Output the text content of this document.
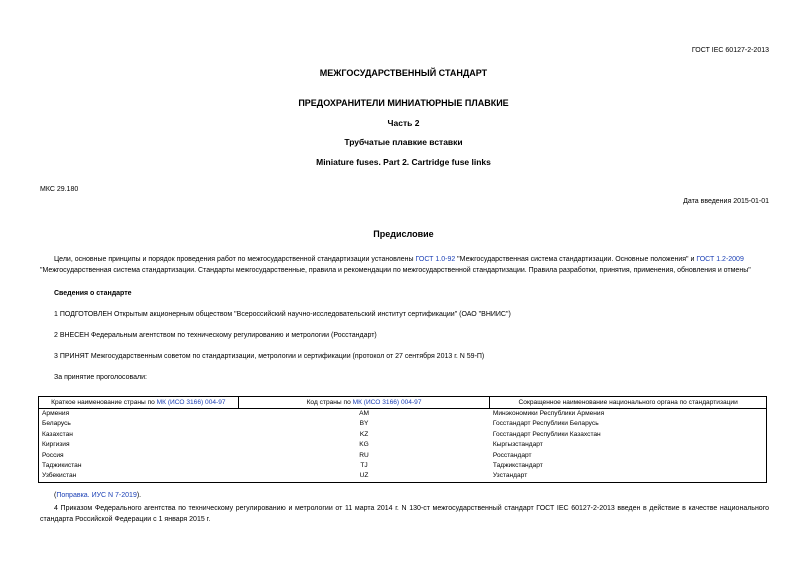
ГОСТ IEC 60127-2-2013
МЕЖГОСУДАРСТВЕННЫЙ СТАНДАРТ
ПРЕДОХРАНИТЕЛИ МИНИАТЮРНЫЕ ПЛАВКИЕ
Часть 2
Трубчатые плавкие вставки
Miniature fuses. Part 2. Cartridge fuse links
МКС 29.180
Дата введения 2015-01-01
Предисловие
Цели, основные принципы и порядок проведения работ по межгосударственной стандартизации установлены ГОСТ 1.0-92 "Межгосударственная система стандартизации. Основные положения" и ГОСТ 1.2-2009 "Межгосударственная система стандартизации. Стандарты межгосударственные, правила и рекомендации по межгосударственной стандартизации. Правила разработки, принятия, применения, обновления и отмены"
Сведения о стандарте
1 ПОДГОТОВЛЕН Открытым акционерным обществом "Всероссийский научно-исследовательский институт сертификации" (ОАО "ВНИИС")
2 ВНЕСЕН Федеральным агентством по техническому регулированию и метрологии (Росстандарт)
3 ПРИНЯТ Межгосударственным советом по стандартизации, метрологии и сертификации (протокол от 27 сентября 2013 г. N 59-П)
За принятие проголосовали:
Краткое наименование страны по МК (ИСО 3166) 004-97	Код страны по МК (ИСО 3166) 004-97	Сокращенное наименование национального органа по стандартизации
Армения	AM	Минэкономики Республики Армения
Беларусь	BY	Госстандарт Республики Беларусь
Казахстан	KZ	Госстандарт Республики Казахстан
Киргизия	KG	Кыргызстандарт
Россия	RU	Росстандарт
Таджикистан	TJ	Таджикстандарт
Узбекистан	UZ	Узстандарт
(Поправка. ИУС N 7-2019).
4 Приказом Федерального агентства по техническому регулированию и метрологии от 11 марта 2014 г. N 130-ст межгосударственный стандарт ГОСТ IEC 60127-2-2013 введен в действие в качестве национального стандарта Российской Федерации с 1 января 2015 г.
